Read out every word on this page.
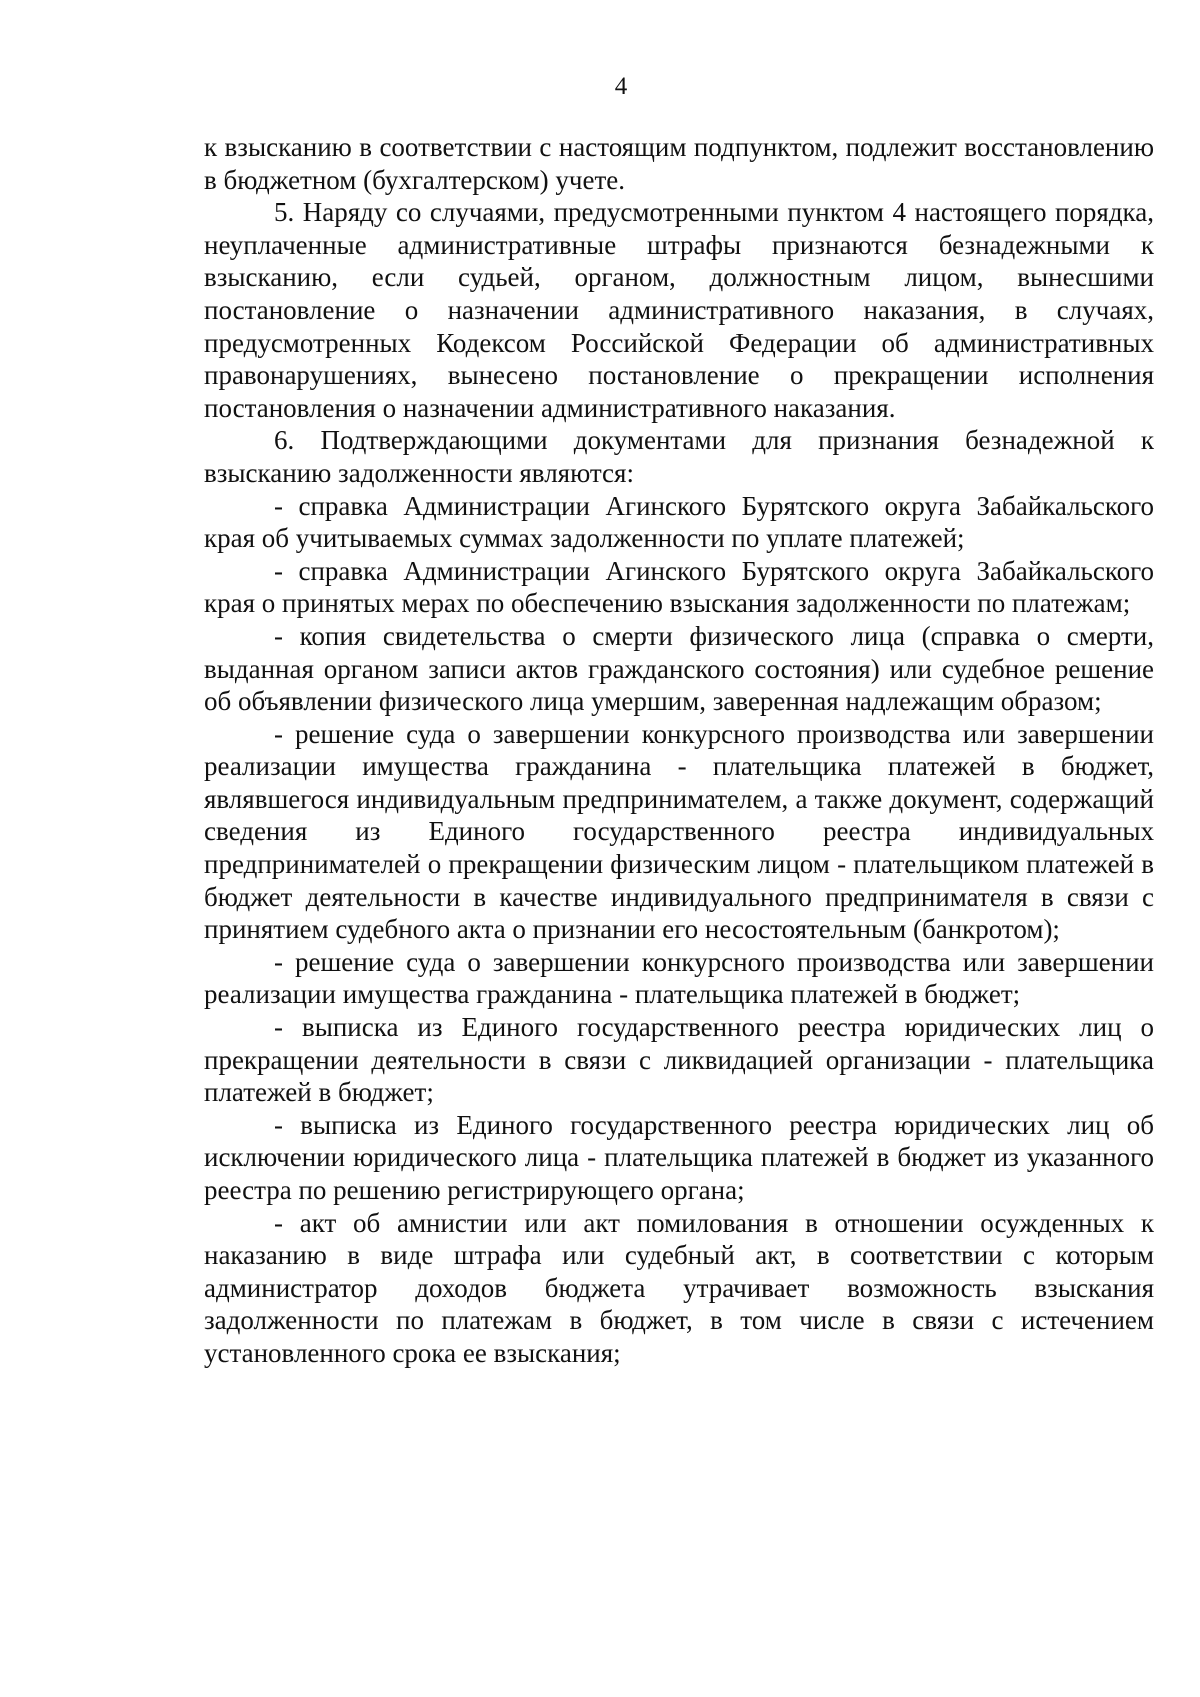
4

к взысканию в соответствии с настоящим подпунктом, подлежит восстановлению в бюджетном (бухгалтерском) учете.

5. Наряду со случаями, предусмотренными пунктом 4 настоящего порядка, неуплаченные административные штрафы признаются безнадежными к взысканию, если судьей, органом, должностным лицом, вынесшими постановление о назначении административного наказания, в случаях, предусмотренных Кодексом Российской Федерации об административных правонарушениях, вынесено постановление о прекращении исполнения постановления о назначении административного наказания.

6. Подтверждающими документами для признания безнадежной к взысканию задолженности являются:

- справка Администрации Агинского Бурятского округа Забайкальского края об учитываемых суммах задолженности по уплате платежей;

- справка Администрации Агинского Бурятского округа Забайкальского края о принятых мерах по обеспечению взыскания задолженности по платежам;

- копия свидетельства о смерти физического лица (справка о смерти, выданная органом записи актов гражданского состояния) или судебное решение об объявлении физического лица умершим, заверенная надлежащим образом;

- решение суда о завершении конкурсного производства или завершении реализации имущества гражданина - плательщика платежей в бюджет, являвшегося индивидуальным предпринимателем, а также документ, содержащий сведения из Единого государственного реестра индивидуальных предпринимателей о прекращении физическим лицом - плательщиком платежей в бюджет деятельности в качестве индивидуального предпринимателя в связи с принятием судебного акта о признании его несостоятельным (банкротом);

- решение суда о завершении конкурсного производства или завершении реализации имущества гражданина - плательщика платежей в бюджет;

- выписка из Единого государственного реестра юридических лиц о прекращении деятельности в связи с ликвидацией организации - плательщика платежей в бюджет;

- выписка из Единого государственного реестра юридических лиц об исключении юридического лица - плательщика платежей в бюджет из указанного реестра по решению регистрирующего органа;

- акт об амнистии или акт помилования в отношении осужденных к наказанию в виде штрафа или судебный акт, в соответствии с которым администратор доходов бюджета утрачивает возможность взыскания задолженности по платежам в бюджет, в том числе в связи с истечением установленного срока ее взыскания;
